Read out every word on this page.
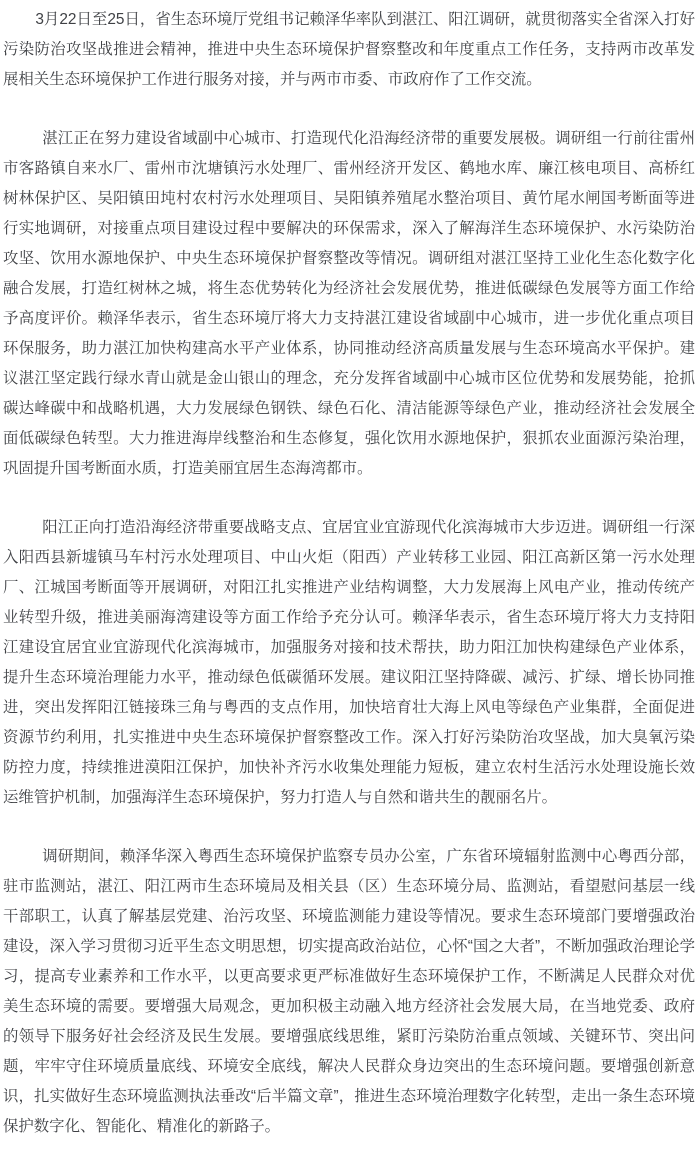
3月22日至25日，省生态环境厅党组书记赖泽华率队到湛江、阳江调研，就贯彻落实全省深入打好污染防治攻坚战推进会精神，推进中央生态环境保护督察整改和年度重点工作任务，支持两市改革发展相关生态环境保护工作进行服务对接，并与两市市委、市政府作了工作交流。

湛江正在努力建设省域副中心城市、打造现代化沿海经济带的重要发展极。调研组一行前往雷州市客路镇自来水厂、雷州市沈塘镇污水处理厂、雷州经济开发区、鹤地水库、廉江核电项目、高桥红树林保护区、吴阳镇田坉村农村污水处理项目、吴阳镇养殖尾水整治项目、黄竹尾水闸国考断面等进行实地调研，对接重点项目建设过程中要解决的环保需求，深入了解海洋生态环境保护、水污染防治攻坚、饮用水源地保护、中央生态环境保护督察整改等情况。调研组对湛江坚持工业化生态化数字化融合发展，打造红树林之城，将生态优势转化为经济社会发展优势，推进低碳绿色发展等方面工作给予高度评价。赖泽华表示，省生态环境厅将大力支持湛江建设省域副中心城市，进一步优化重点项目环保服务，助力湛江加快构建高水平产业体系，协同推动经济高质量发展与生态环境高水平保护。建议湛江坚定践行绿水青山就是金山银山的理念，充分发挥省域副中心城市区位优势和发展势能，抢抓碳达峰碳中和战略机遇，大力发展绿色钢铁、绿色石化、清洁能源等绿色产业，推动经济社会发展全面低碳绿色转型。大力推进海岸线整治和生态修复，强化饮用水源地保护，狠抓农业面源污染治理，巩固提升国考断面水质，打造美丽宜居生态海湾都市。

阳江正向打造沿海经济带重要战略支点、宜居宜业宜游现代化滨海城市大步迈进。调研组一行深入阳西县新墟镇马车村污水处理项目、中山火炬（阳西）产业转移工业园、阳江高新区第一污水处理厂、江城国考断面等开展调研，对阳江扎实推进产业结构调整，大力发展海上风电产业，推动传统产业转型升级，推进美丽海湾建设等方面工作给予充分认可。赖泽华表示，省生态环境厅将大力支持阳江建设宜居宜业宜游现代化滨海城市，加强服务对接和技术帮扶，助力阳江加快构建绿色产业体系，提升生态环境治理能力水平，推动绿色低碳循环发展。建议阳江坚持降碳、减污、扩绿、增长协同推进，突出发挥阳江链接珠三角与粤西的支点作用，加快培育壮大海上风电等绿色产业集群，全面促进资源节约利用，扎实推进中央生态环境保护督察整改工作。深入打好污染防治攻坚战，加大臭氧污染防控力度，持续推进漠阳江保护，加快补齐污水收集处理能力短板，建立农村生活污水处理设施长效运维管护机制，加强海洋生态环境保护，努力打造人与自然和谐共生的靓丽名片。

调研期间，赖泽华深入粤西生态环境保护监察专员办公室，广东省环境辐射监测中心粤西分部，驻市监测站，湛江、阳江两市生态环境局及相关县（区）生态环境分局、监测站，看望慰问基层一线干部职工，认真了解基层党建、治污攻坚、环境监测能力建设等情况。要求生态环境部门要增强政治建设，深入学习贯彻习近平生态文明思想，切实提高政治站位，心怀“国之大者”，不断加强政治理论学习，提高专业素养和工作水平，以更高要求更严标准做好生态环境保护工作，不断满足人民群众对优美生态环境的需要。要增强大局观念，更加积极主动融入地方经济社会发展大局，在当地党委、政府的领导下服务好社会经济及民生发展。要增强底线思维，紧盯污染防治重点领域、关键环节、突出问题，牢牢守住环境质量底线、环境安全底线，解决人民群众身边突出的生态环境问题。要增强创新意识，扎实做好生态环境监测执法垂改“后半篇文章”，推进生态环境治理数字化转型，走出一条生态环境保护数字化、智能化、精准化的新路子。
